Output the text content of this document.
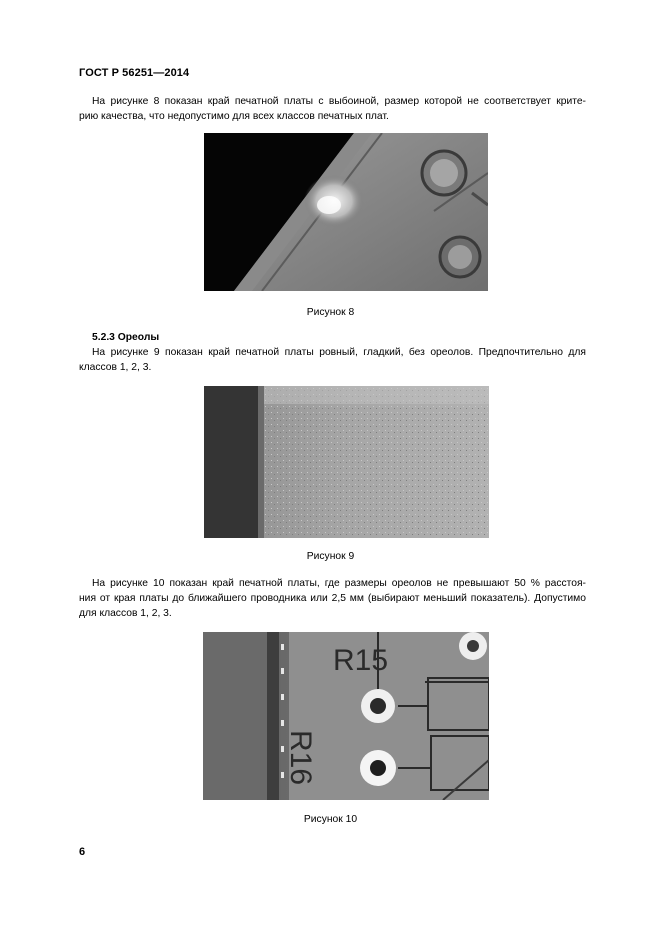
ГОСТ Р 56251—2014

На рисунке 8 показан край печатной платы с выбоиной, размер которой не соответствует крите-
рию качества, что недопустимо для всех классов печатных плат.

Рисунок 8
5.2.3 Ореолы

На рисунке 9 показан край печатной платы ровный, гладкий, без ореолов. Предпочтительно для
классов 1, 2, 3.

Рисунок 9

На рисунке 10 показан край печатной платы, где размеры ореолов не превышают 50 % расстоя-
ния от края платы до ближайшего проводника или 2,5 мм (выбирают меньший показатель). Допустимо
для классов 1, 2, 3.

R15
R16
Рисунок 10
6
